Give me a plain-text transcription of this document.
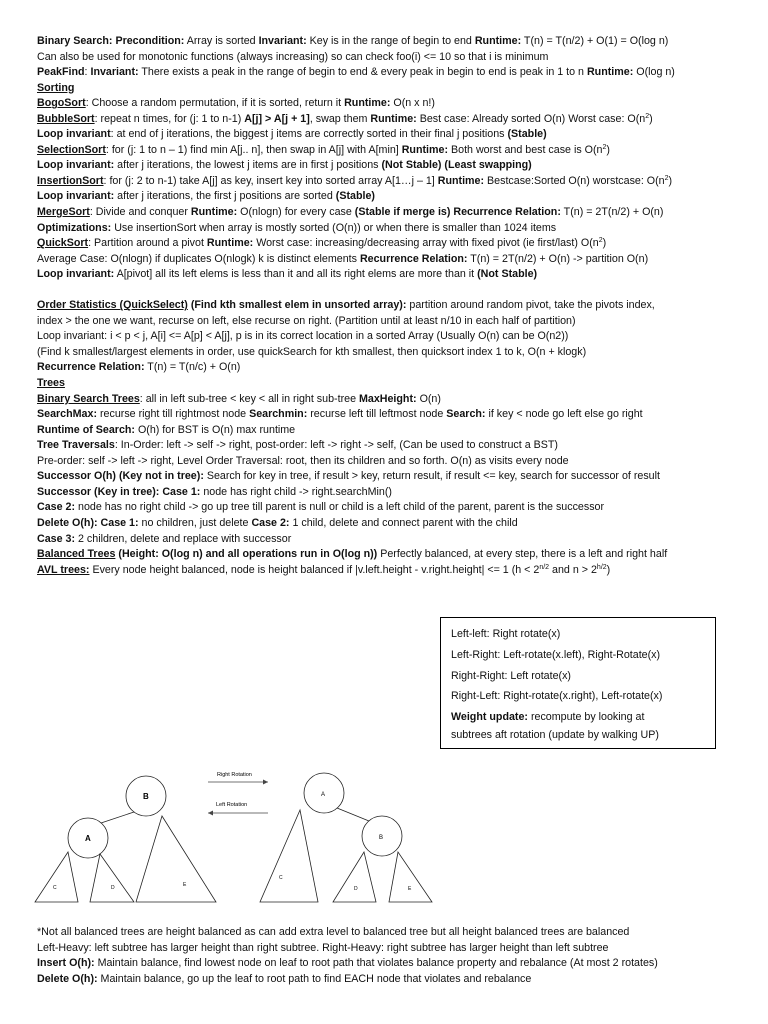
Binary Search: Precondition: Array is sorted Invariant: Key is in the range of begin to end Runtime: T(n) = T(n/2) + O(1) = O(log n)
Can also be used for monotonic functions (always increasing) so can check foo(i) <= 10 so that i is minimum
PeakFind: Invariant: There exists a peak in the range of begin to end & every peak in begin to end is peak in 1 to n Runtime: O(log n)
Sorting
BogoSort: Choose a random permutation, if it is sorted, return it Runtime: O(n x n!)
BubbleSort: repeat n times, for (j: 1 to n-1) A[j] > A[j + 1], swap them Runtime: Best case: Already sorted O(n) Worst case: $O(n^2)$
Loop invariant: at end of j iterations, the biggest j items are correctly sorted in their final j positions (Stable)
SelectionSort: for (j: 1 to n – 1) find min A[j.. n], then swap in A[j] with A[min] Runtime: Both worst and best case is $O(n^2)$
Loop invariant: after j iterations, the lowest j items are in first j positions (Not Stable) (Least swapping)
InsertionSort: for (j: 2 to n-1) take A[j] as key, insert key into sorted array A[1…j – 1] Runtime: Bestcase:Sorted O(n) worstcase: $O(n^2)$
Loop invariant: after j iterations, the first j positions are sorted (Stable)
MergeSort: Divide and conquer Runtime: O(nlogn) for every case (Stable if merge is) Recurrence Relation: T(n) = 2T(n/2) + O(n)
Optimizations: Use insertionSort when array is mostly sorted (O(n)) or when there is smaller than 1024 items
QuickSort: Partition around a pivot Runtime: Worst case: increasing/decreasing array with fixed pivot (ie first/last) $O(n^2)$
Average Case: O(nlogn) if duplicates O(nlogk) k is distinct elements Recurrence Relation: T(n) = 2T(n/2) + O(n) -> partition O(n)
Loop invariant: A[pivot] all its left elems is less than it and all its right elems are more than it (Not Stable)
Order Statistics (QuickSelect) (Find kth smallest elem in unsorted array): partition around random pivot, take the pivots index,
index > the one we want, recurse on left, else recurse on right. (Partition until at least n/10 in each half of partition)
Loop invariant: i < p < j, A[i] <= A[p] < A[j], p is in its correct location in a sorted Array (Usually O(n) can be O(n2))
(Find k smallest/largest elements in order, use quickSearch for kth smallest, then quicksort index 1 to k, O(n + klogk)
Recurrence Relation: T(n) = T(n/c) + O(n)
Trees
Binary Search Trees: all in left sub-tree < key < all in right sub-tree MaxHeight: O(n)
SearchMax: recurse right till rightmost node Searchmin: recurse left till leftmost node Search: if key < node go left else go right
Runtime of Search: O(h) for BST is O(n) max runtime
Tree Traversals: In-Order: left -> self -> right, post-order: left -> right -> self, (Can be used to construct a BST)
Pre-order: self -> left -> right, Level Order Traversal: root, then its children and so forth. O(n) as visits every node
Successor O(h) (Key not in tree): Search for key in tree, if result > key, return result, if result <= key, search for successor of result
Successor (Key in tree): Case 1: node has right child -> right.searchMin()
Case 2: node has no right child -> go up tree till parent is null or child is a left child of the parent, parent is the successor
Delete O(h): Case 1: no children, just delete Case 2: 1 child, delete and connect parent with the child
Case 3: 2 children, delete and replace with successor
Balanced Trees (Height: O(log n) and all operations run in O(log n)) Perfectly balanced, at every step, there is a left and right half
AVL trees: Every node height balanced, node is height balanced if |v.left.height - v.right.height| <= 1 ($h < 2^{n/2}$ and $n > 2^{h/2}$)
Left-left: Right rotate(x)
Left-Right: Left-rotate(x.left), Right-Rotate(x)
Right-Right: Left rotate(x)
Right-Left: Right-rotate(x.right), Left-rotate(x)
Weight update: recompute by looking at
subtrees aft rotation (update by walking UP)
Right Rotation
Left Rotation
B
A
C	D	E
A
B
C
D	E
*Not all balanced trees are height balanced as can add extra level to balanced tree but all height balanced trees are balanced
Left-Heavy: left subtree has larger height than right subtree. Right-Heavy: right subtree has larger height than left subtree
Insert O(h): Maintain balance, find lowest node on leaf to root path that violates balance property and rebalance (At most 2 rotates)
Delete O(h): Maintain balance, go up the leaf to root path to find EACH node that violates and rebalance
